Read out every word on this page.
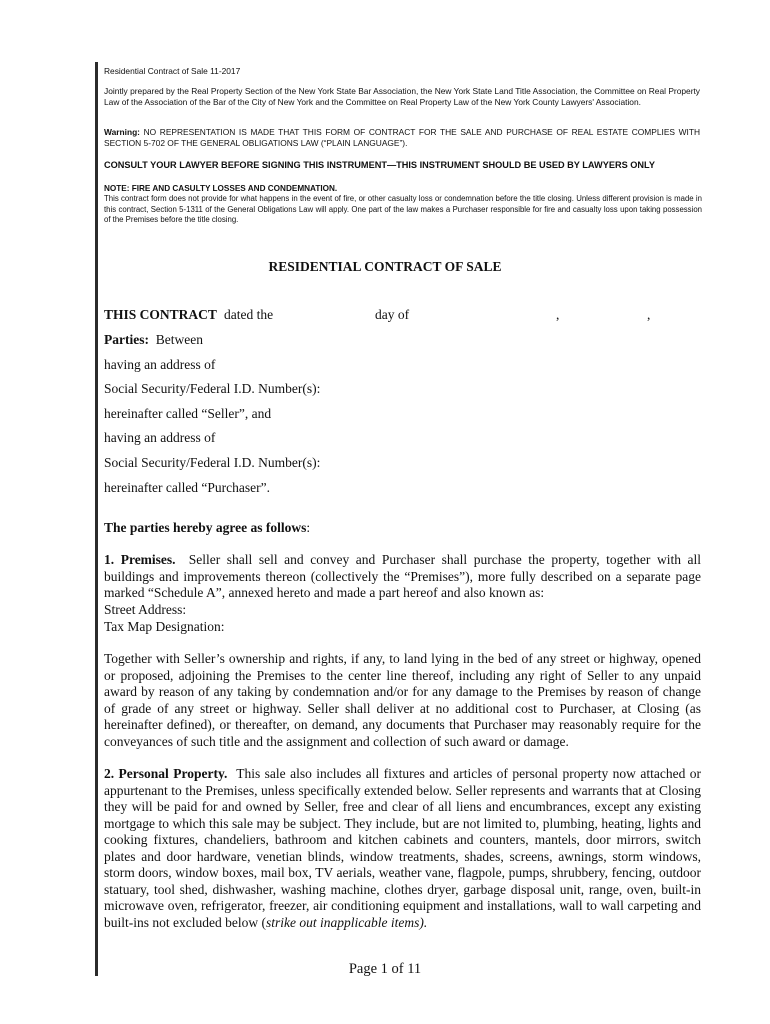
Residential Contract of Sale 11-2017
Jointly prepared by the Real Property Section of the New York State Bar Association, the New York State Land Title Association, the Committee on Real Property Law of the Association of the Bar of the City of New York and the Committee on Real Property Law of the New York County Lawyers' Association.
Warning: NO REPRESENTATION IS MADE THAT THIS FORM OF CONTRACT FOR THE SALE AND PURCHASE OF REAL ESTATE COMPLIES WITH SECTION 5-702 OF THE GENERAL OBLIGATIONS LAW (“PLAIN LANGUAGE”).
CONSULT YOUR LAWYER BEFORE SIGNING THIS INSTRUMENT—THIS INSTRUMENT SHOULD BE USED BY LAWYERS ONLY
NOTE: FIRE AND CASULTY LOSSES AND CONDEMNATION.
This contract form does not provide for what happens in the event of fire, or other casualty loss or condemnation before the title closing. Unless different provision is made in this contract, Section 5-1311 of the General Obligations Law will apply. One part of the law makes a Purchaser responsible for fire and casualty loss upon taking possession of the Premises before the title closing.
RESIDENTIAL CONTRACT OF SALE
THIS CONTRACT dated the	day of	,	,
Parties: Between
having an address of
Social Security/Federal I.D. Number(s):
hereinafter called “Seller”, and
having an address of
Social Security/Federal I.D. Number(s):
hereinafter called “Purchaser”.
The parties hereby agree as follows:
1. Premises. Seller shall sell and convey and Purchaser shall purchase the property, together with all buildings and improvements thereon (collectively the “Premises”), more fully described on a separate page marked “Schedule A”, annexed hereto and made a part hereof and also known as:
Street Address:
Tax Map Designation:
Together with Seller’s ownership and rights, if any, to land lying in the bed of any street or highway, opened or proposed, adjoining the Premises to the center line thereof, including any right of Seller to any unpaid award by reason of any taking by condemnation and/or for any damage to the Premises by reason of change of grade of any street or highway. Seller shall deliver at no additional cost to Purchaser, at Closing (as hereinafter defined), or thereafter, on demand, any documents that Purchaser may reasonably require for the conveyances of such title and the assignment and collection of such award or damage.
2. Personal Property. This sale also includes all fixtures and articles of personal property now attached or appurtenant to the Premises, unless specifically extended below. Seller represents and warrants that at Closing they will be paid for and owned by Seller, free and clear of all liens and encumbrances, except any existing mortgage to which this sale may be subject. They include, but are not limited to, plumbing, heating, lights and cooking fixtures, chandeliers, bathroom and kitchen cabinets and counters, mantels, door mirrors, switch plates and door hardware, venetian blinds, window treatments, shades, screens, awnings, storm windows, storm doors, window boxes, mail box, TV aerials, weather vane, flagpole, pumps, shrubbery, fencing, outdoor statuary, tool shed, dishwasher, washing machine, clothes dryer, garbage disposal unit, range, oven, built-in microwave oven, refrigerator, freezer, air conditioning equipment and installations, wall to wall carpeting and built-ins not excluded below (strike out inapplicable items).
Page 1 of 11
